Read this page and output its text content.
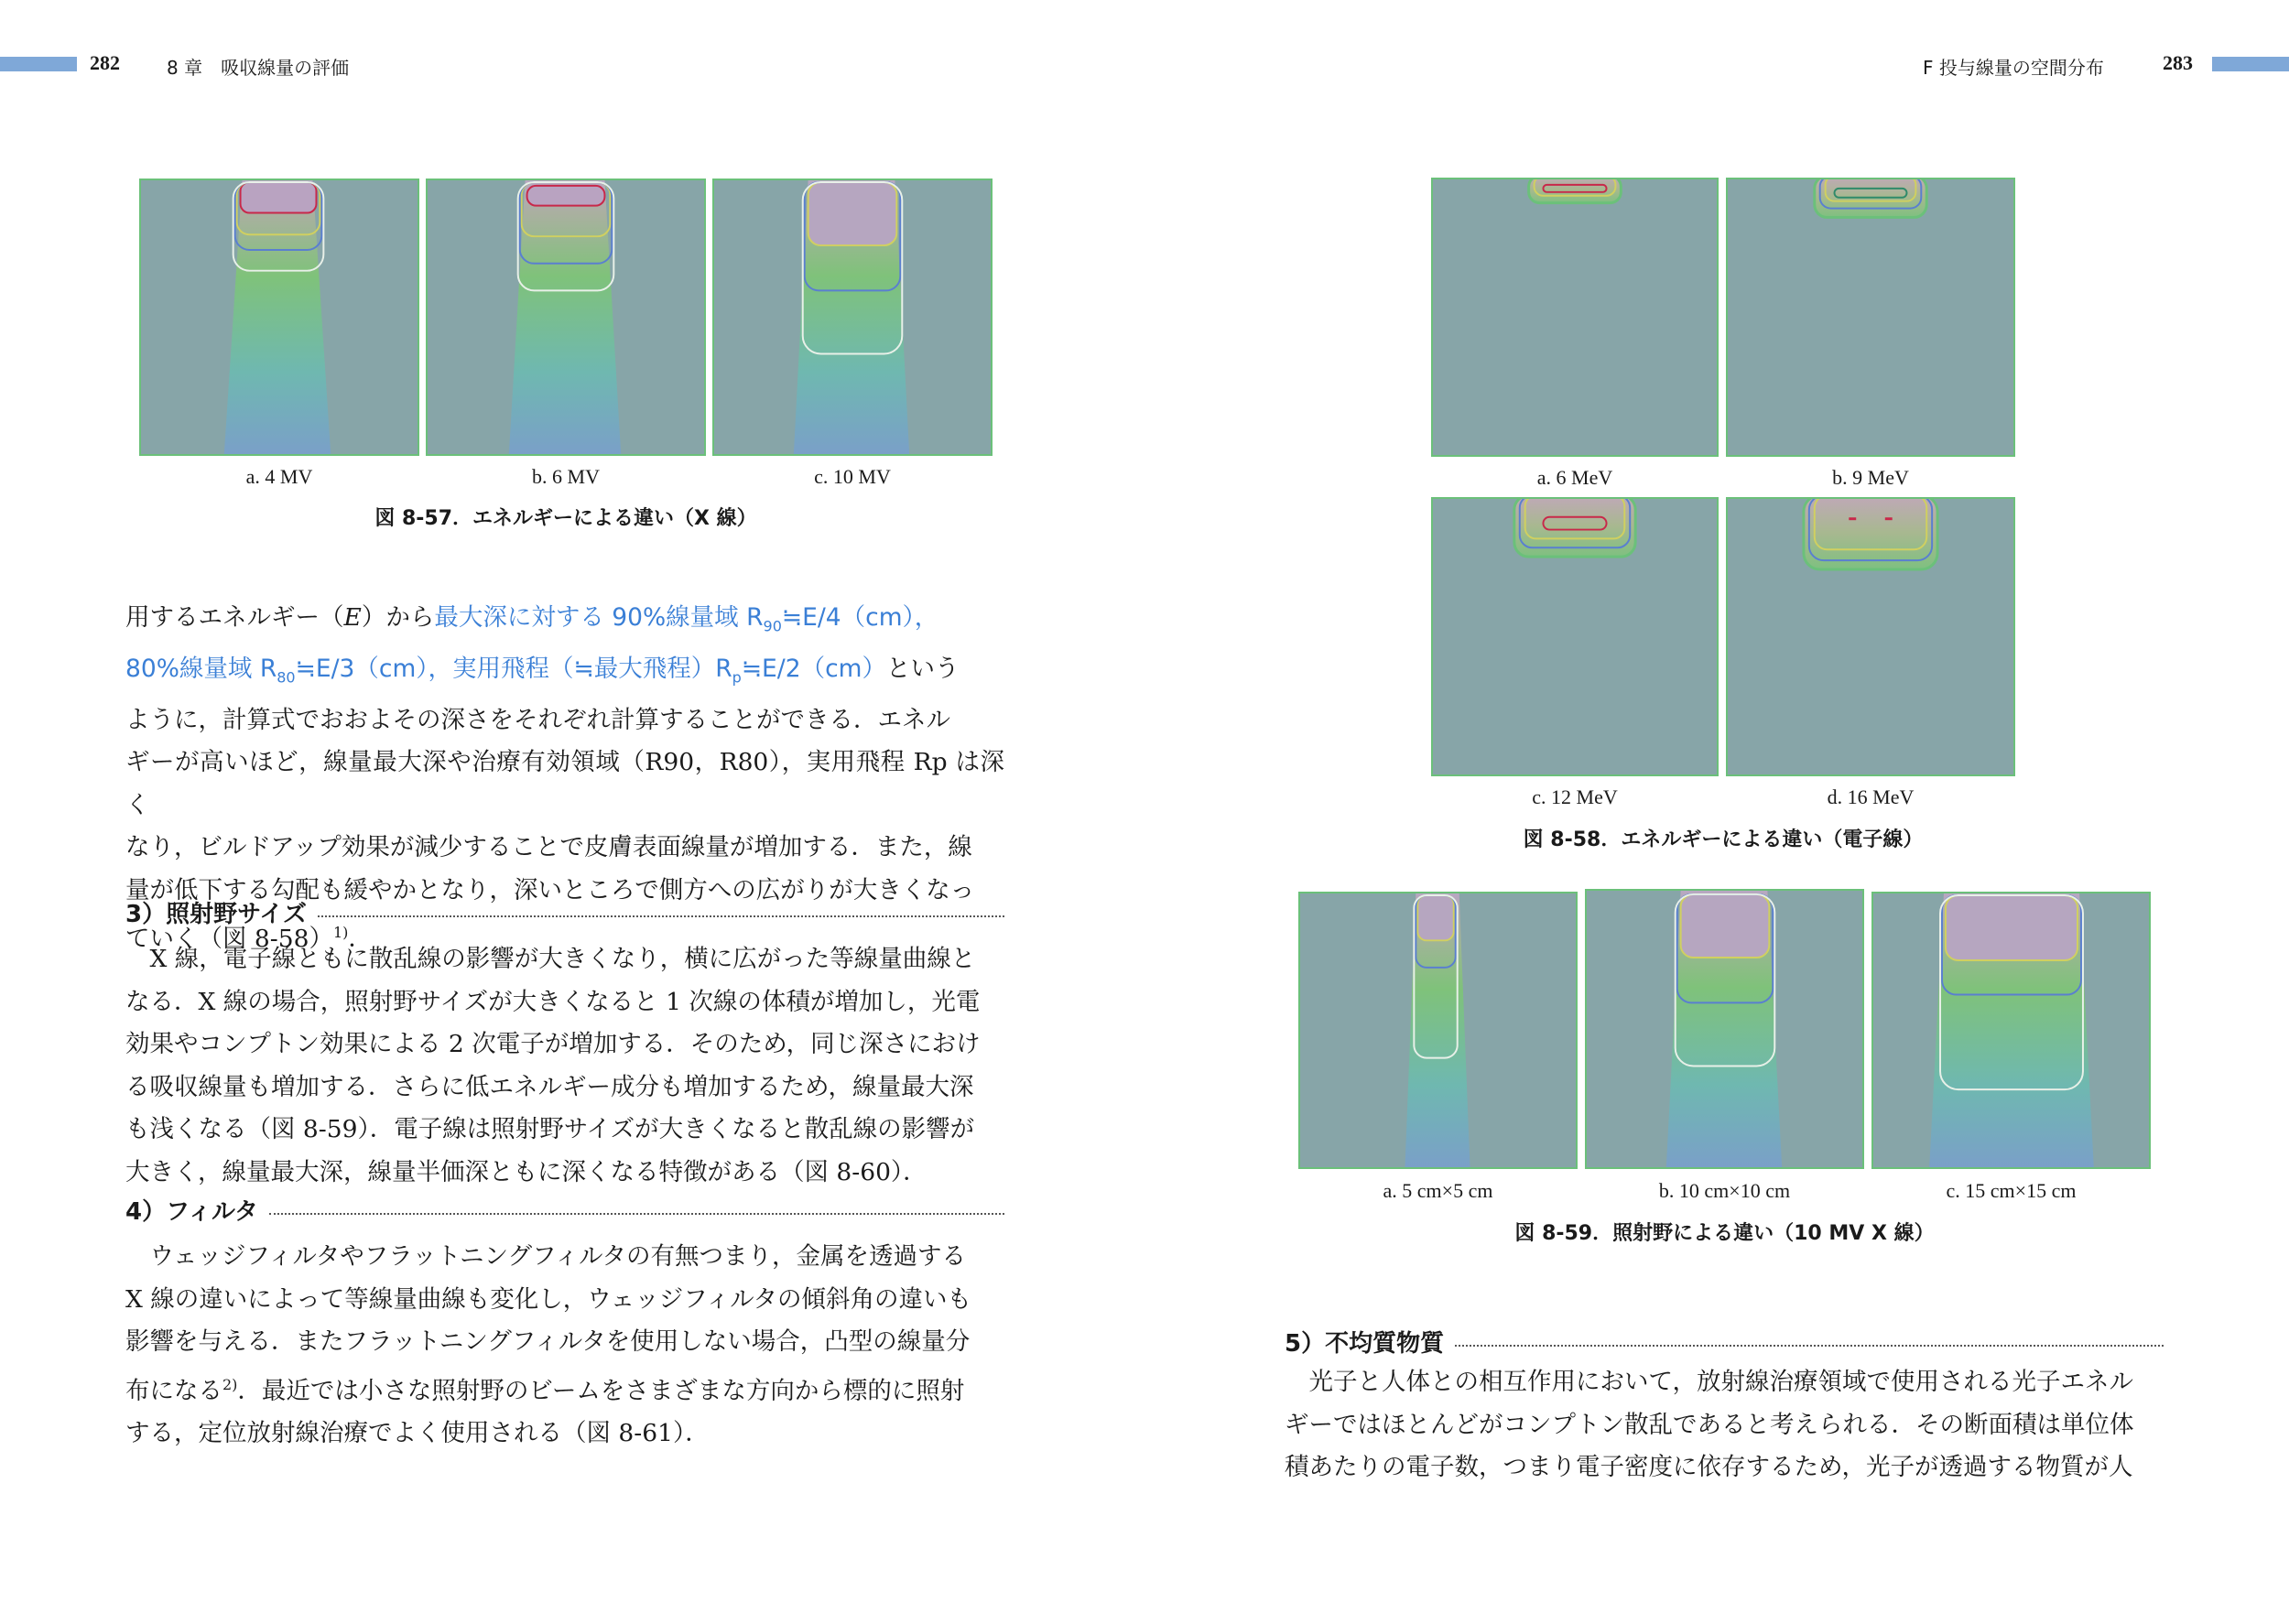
282	8 章　吸収線量の評価	F 投与線量の空間分布	283
a. 4 MV	b. 6 MV	c. 10 MV
図 8-57．エネルギーによる違い（X 線）
用するエネルギー（E）から最大深に対する 90%線量域 $R_{90}≒E/4(cm)$，
80%線量域 $R_{80}≒E/3(cm)$，実用飛程（≒最大飛程）$R_p≒E/2(cm)$という
ように，計算式でおおよその深さをそれぞれ計算することができる．エネル
ギーが高いほど，線量最大深や治療有効領域（R90，R80），実用飛程 Rp は深く
なり，ビルドアップ効果が減少することで皮膚表面線量が増加する．また，線
量が低下する勾配も緩やかとなり，深いところで側方への広がりが大きくなっ
ていく（図 8-58）$^{1)}$．
3）照射野サイズ
　X 線，電子線ともに散乱線の影響が大きくなり，横に広がった等線量曲線と
なる．X 線の場合，照射野サイズが大きくなると 1 次線の体積が増加し，光電
効果やコンプトン効果による 2 次電子が増加する．そのため，同じ深さにおけ
る吸収線量も増加する．さらに低エネルギー成分も増加するため，線量最大深
も浅くなる（図 8-59）．電子線は照射野サイズが大きくなると散乱線の影響が
大きく，線量最大深，線量半価深ともに深くなる特徴がある（図 8-60）．
4）フィルタ
　ウェッジフィルタやフラットニングフィルタの有無つまり，金属を透過する
X 線の違いによって等線量曲線も変化し，ウェッジフィルタの傾斜角の違いも
影響を与える．またフラットニングフィルタを使用しない場合，凸型の線量分
布になる$^{2)}$．最近では小さな照射野のビームをさまざまな方向から標的に照射
する，定位放射線治療でよく使用される（図 8-61）．
a. 6 MeV	b. 9 MeV
c. 12 MeV	d. 16 MeV
図 8-58．エネルギーによる違い（電子線）
a. 5 cm×5 cm	b. 10 cm×10 cm	c. 15 cm×15 cm
図 8-59．照射野による違い（10 MV X 線）
5）不均質物質
　光子と人体との相互作用において，放射線治療領域で使用される光子エネル
ギーではほとんどがコンプトン散乱であると考えられる．その断面積は単位体
積あたりの電子数，つまり電子密度に依存するため，光子が透過する物質が人
